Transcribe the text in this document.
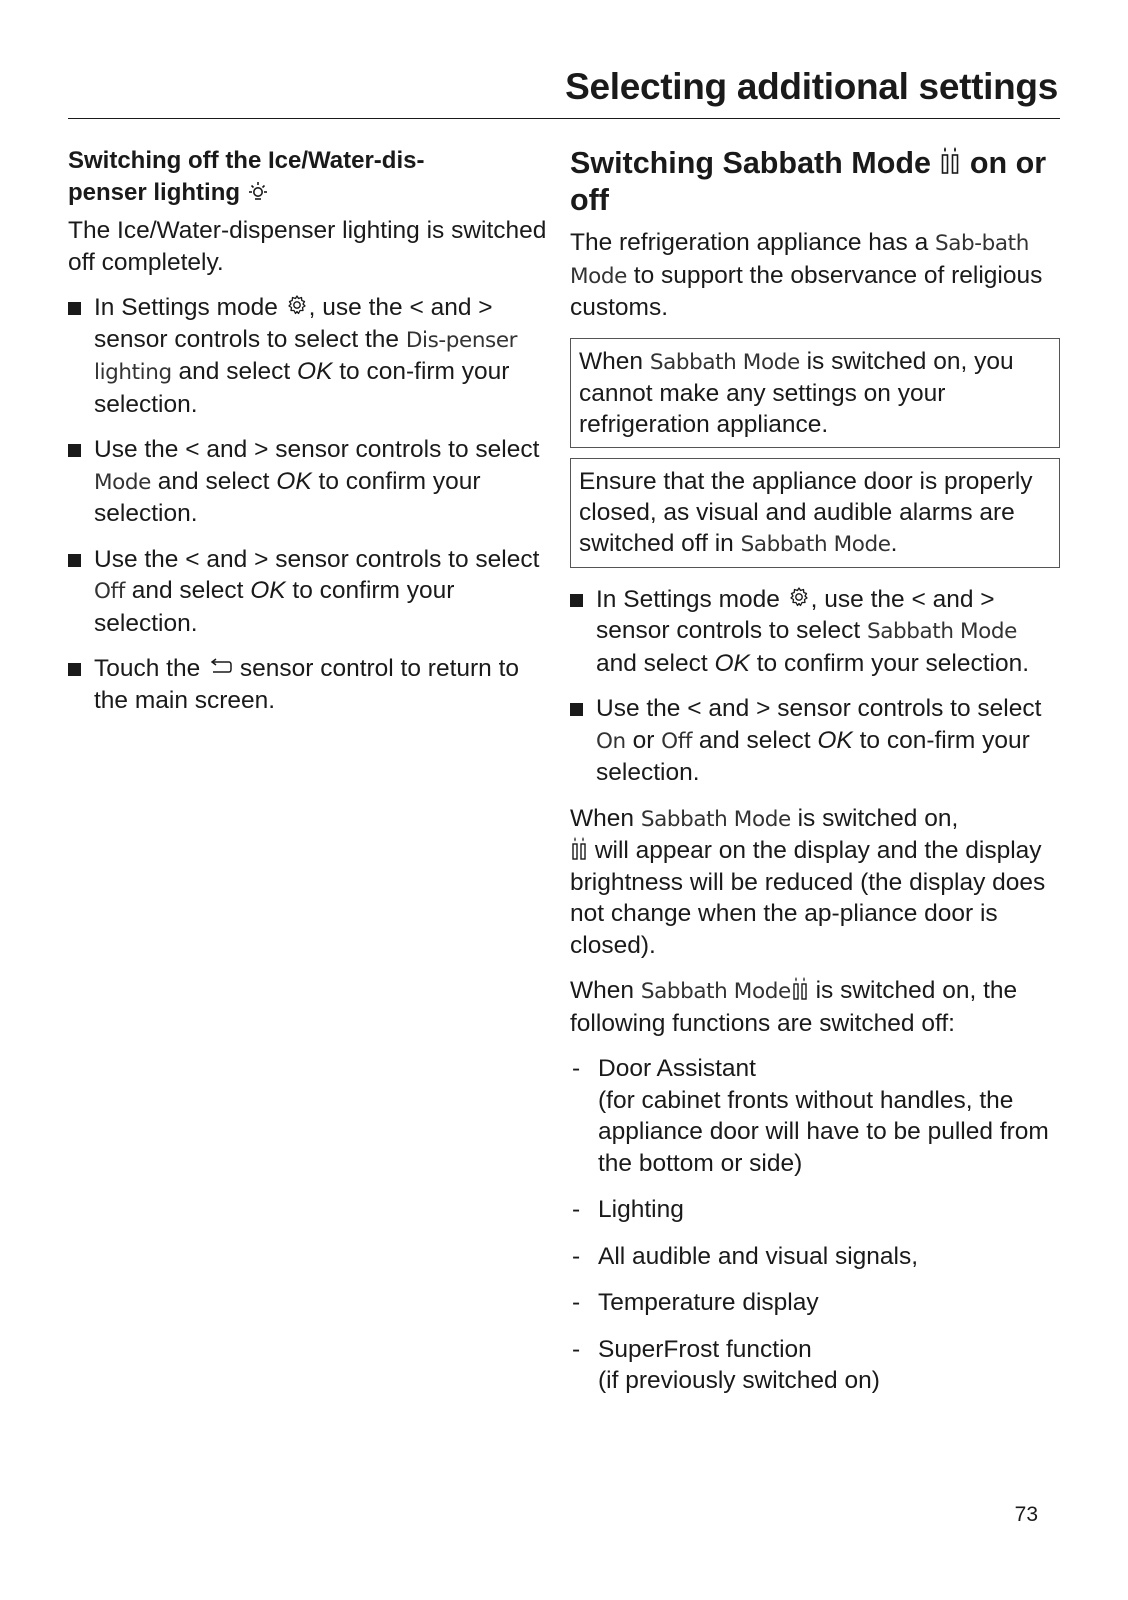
Selecting additional settings
Switching off the Ice/Water-dis-
penser lighting

The Ice/Water-dispenser lighting is switched off completely.

In Settings mode , use the < and > sensor controls to select the Dis-penser lighting and select OK to con-firm your selection.
Use the < and > sensor controls to select Mode and select OK to confirm your selection.
Use the < and > sensor controls to select Off and select OK to confirm your selection.
Touch the sensor control to return to the main screen.
Switching Sabbath Mode on or off

The refrigeration appliance has a Sab-bath Mode to support the observance of religious customs.

When Sabbath Mode is switched on, you cannot make any settings on your refrigeration appliance.
Ensure that the appliance door is properly closed, as visual and audible alarms are switched off in Sabbath Mode.
In Settings mode , use the < and > sensor controls to select Sabbath Mode and select OK to confirm your selection.
Use the < and > sensor controls to select On or Off and select OK to con-firm your selection.

When Sabbath Mode is switched on,
will appear on the display and the display brightness will be reduced (the display does not change when the ap-pliance door is closed).

When Sabbath Mode is switched on, the following functions are switched off:

- Door Assistant
(for cabinet fronts without handles, the appliance door will have to be pulled from the bottom or side)
- Lighting
- All audible and visual signals,
- Temperature display
- SuperFrost function
(if previously switched on)
73
